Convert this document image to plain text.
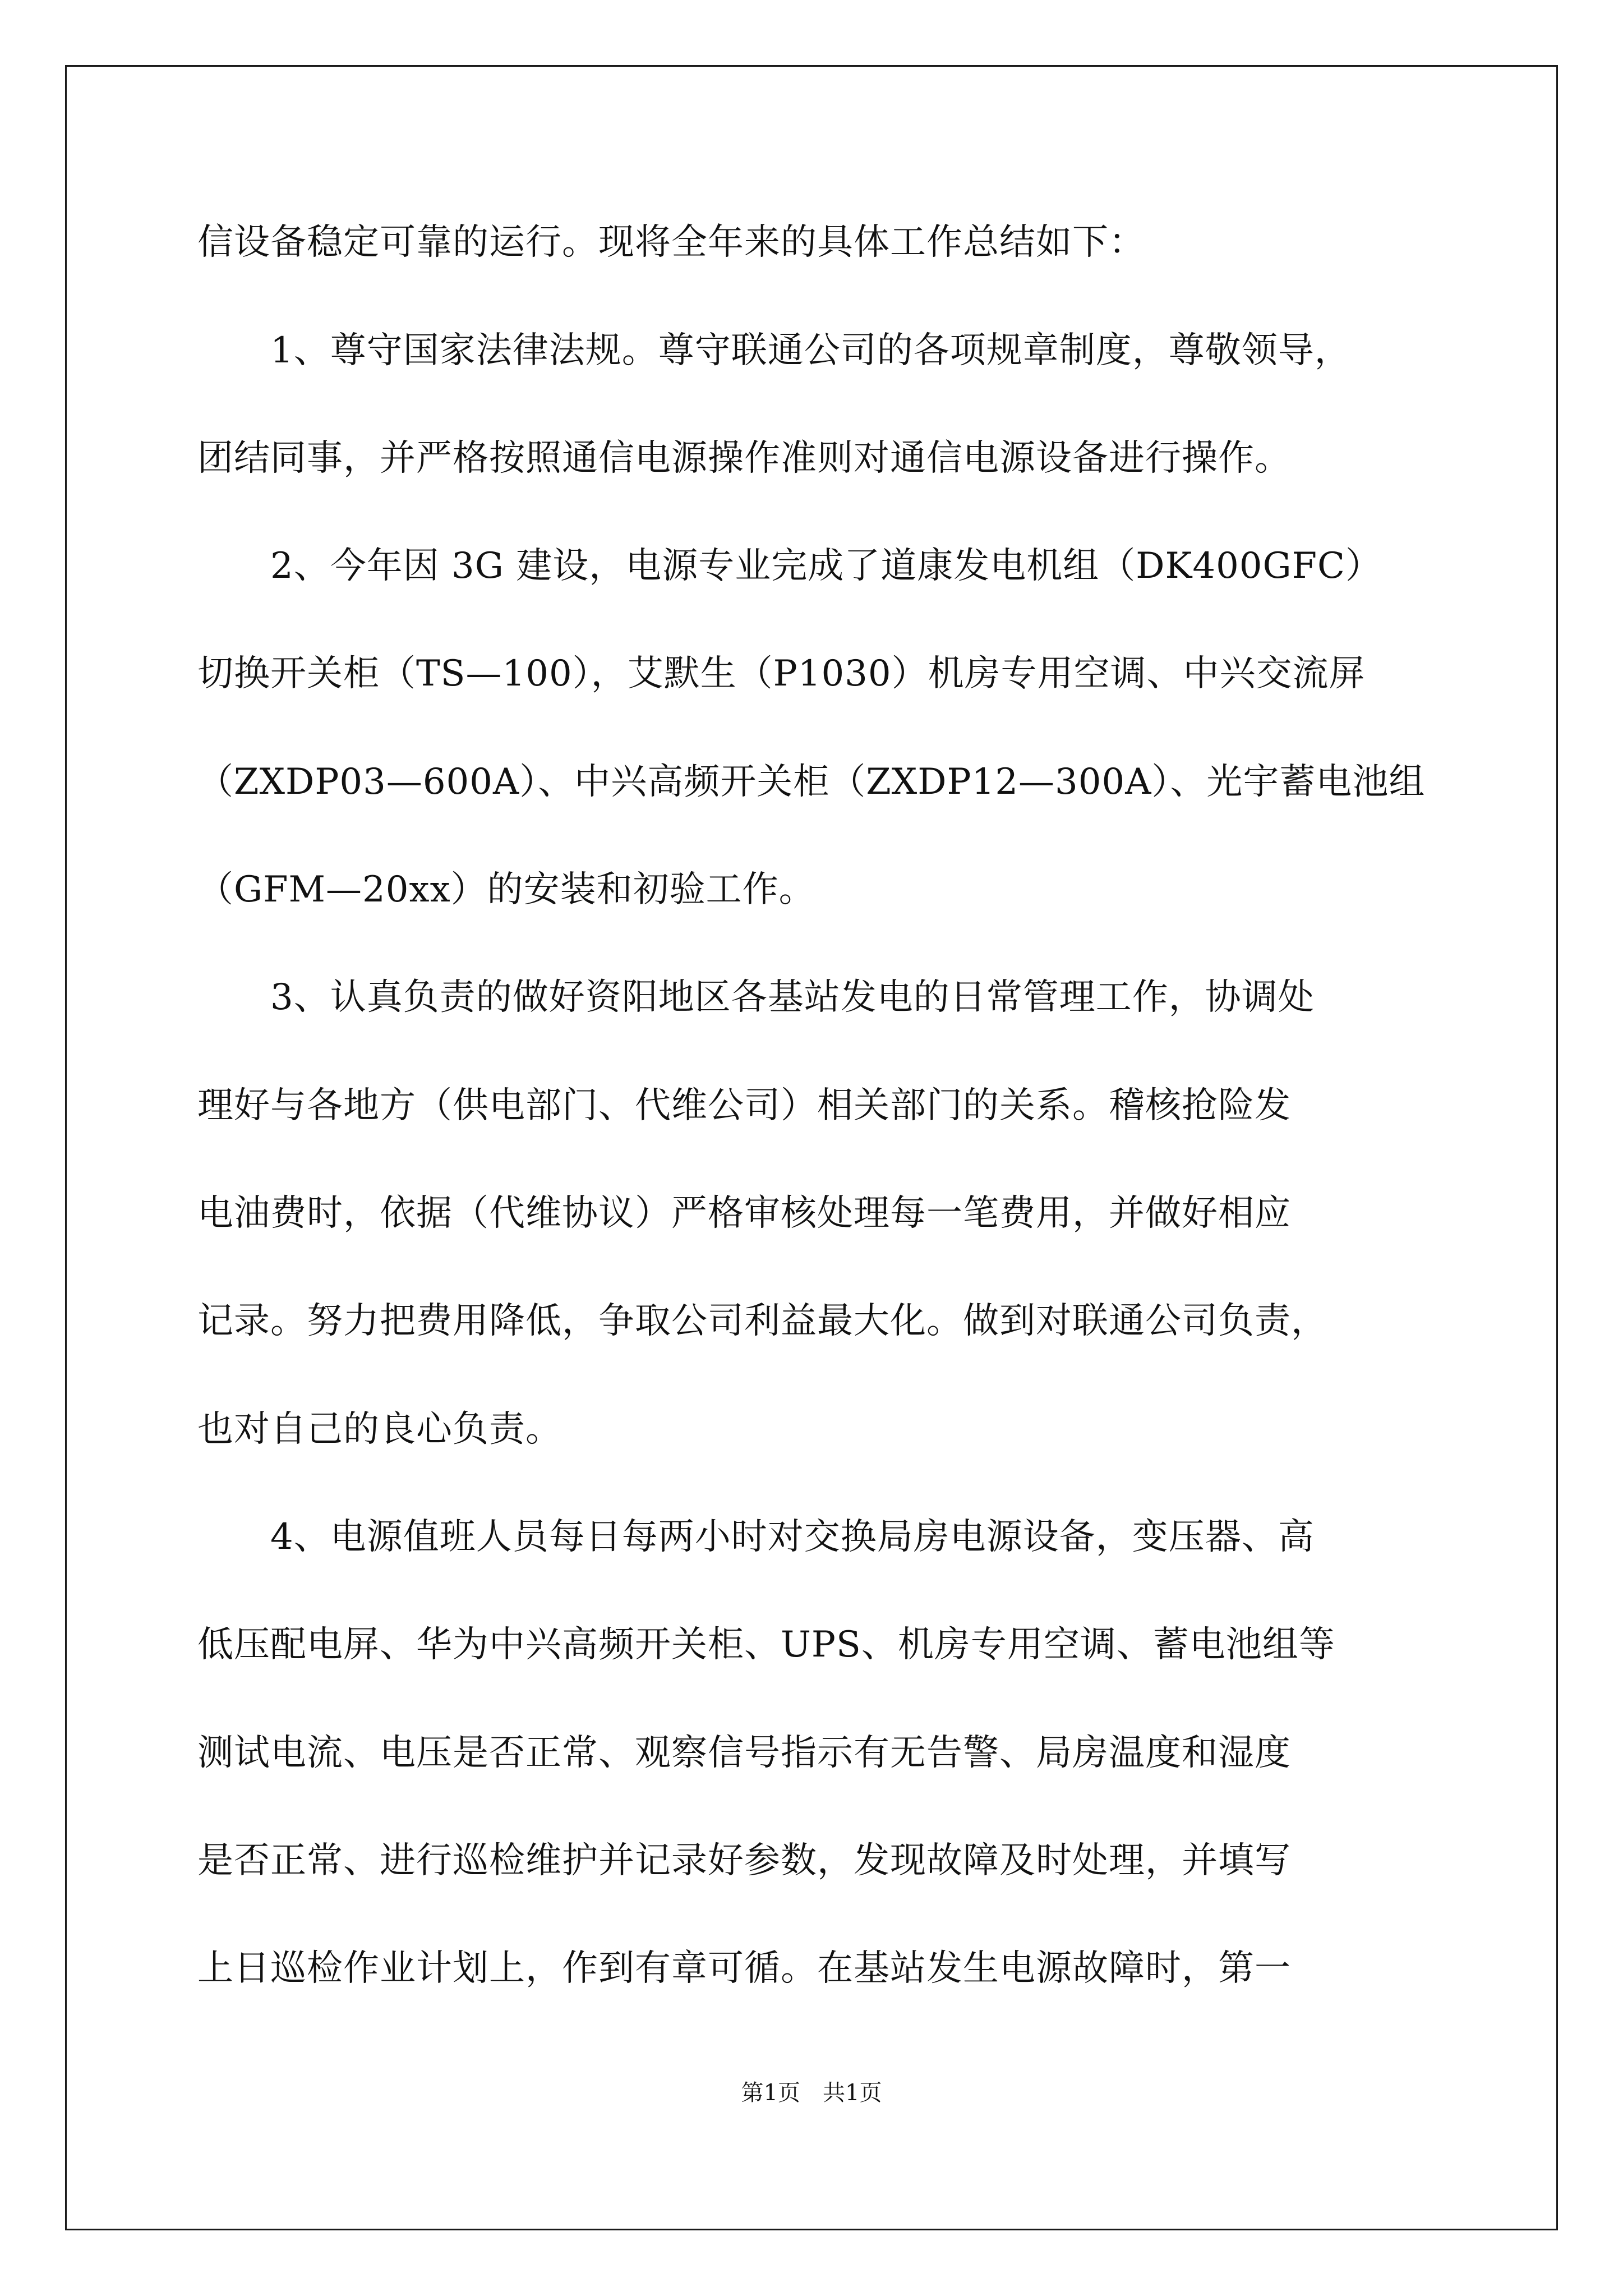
信设备稳定可靠的运行。现将全年来的具体工作总结如下：

　　1、尊守国家法律法规。尊守联通公司的各项规章制度，尊敬领导，

团结同事，并严格按照通信电源操作准则对通信电源设备进行操作。

　　2、今年因 3G 建设，电源专业完成了道康发电机组（DK400GFC）

切换开关柜（TS—100），艾默生（P1030）机房专用空调、中兴交流屏

（ZXDP03—600A）、中兴高频开关柜（ZXDP12—300A）、光宇蓄电池组

（GFM—20xx）的安装和初验工作。

　　3、认真负责的做好资阳地区各基站发电的日常管理工作，协调处

理好与各地方（供电部门、代维公司）相关部门的关系。稽核抢险发

电油费时，依据（代维协议）严格审核处理每一笔费用，并做好相应

记录。努力把费用降低，争取公司利益最大化。做到对联通公司负责，

也对自己的良心负责。

　　4、电源值班人员每日每两小时对交换局房电源设备，变压器、高

低压配电屏、华为中兴高频开关柜、UPS、机房专用空调、蓄电池组等

测试电流、电压是否正常、观察信号指示有无告警、局房温度和湿度

是否正常、进行巡检维护并记录好参数，发现故障及时处理，并填写

上日巡检作业计划上，作到有章可循。在基站发生电源故障时，第一

第1页　共1页
